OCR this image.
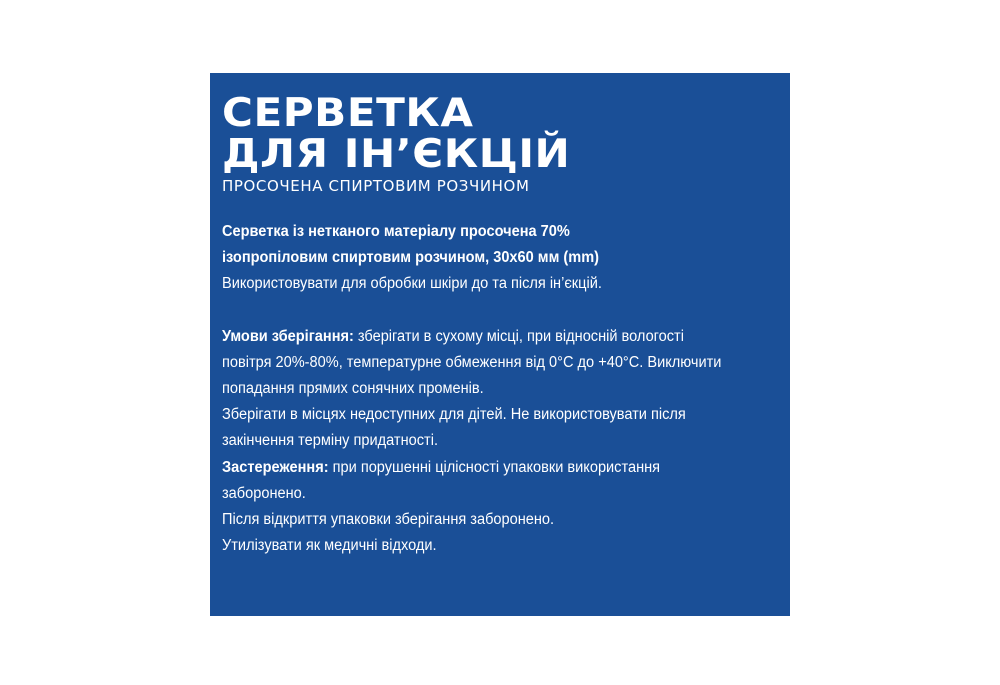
СЕРВЕТКА
ДЛЯ ІН’ЄКЦІЙ
ПРОСОЧЕНА СПИРТОВИМ РОЗЧИНОМ
Серветка із нетканого матеріалу просочена 70%
ізопропіловим спиртовим розчином, 30x60 мм (mm)
Використовувати для обробки шкіри до та після ін’єкцій.
Умови зберігання: зберігати в сухому місці, при відносній вологості
повітря 20%-80%, температурне обмеження від 0°С до +40°С. Виключити
попадання прямих сонячних променів.
Зберігати в місцях недоступних для дітей. Не використовувати після
закінчення терміну придатності.
Застереження: при порушенні цілісності упаковки використання
заборонено.
Після відкриття упаковки зберігання заборонено.
Утилізувати як медичні відходи.
